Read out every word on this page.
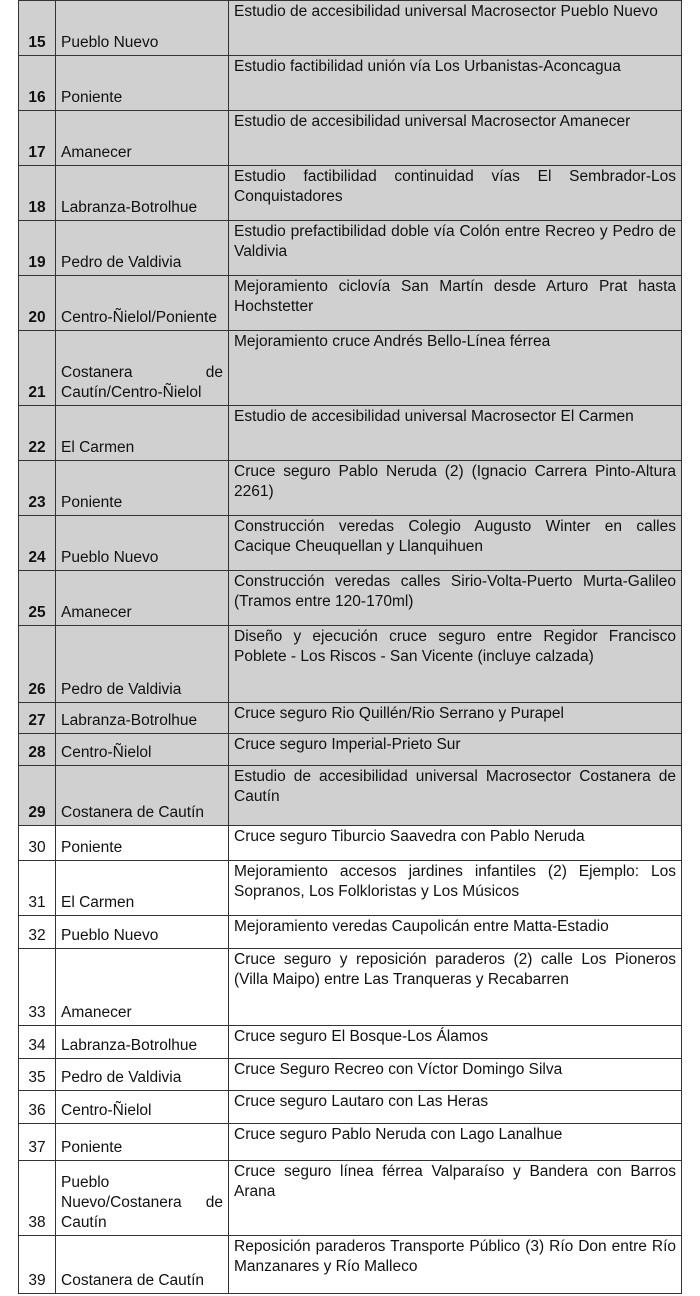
15	Pueblo Nuevo	Estudio de accesibilidad universal Macrosector Pueblo Nuevo
16	Poniente	Estudio factibilidad unión vía Los Urbanistas-Aconcagua
17	Amanecer	Estudio de accesibilidad universal Macrosector Amanecer
18	Labranza-Botrolhue	Estudio factibilidad continuidad vías El Sembrador-Los Conquistadores
19	Pedro de Valdivia	Estudio prefactibilidad doble vía Colón entre Recreo y Pedro de Valdivia
20	Centro-Ñielol/Poniente	Mejoramiento ciclovía San Martín desde Arturo Prat hasta Hochstetter
21	Costanera de Cautín/Centro-Ñielol	Mejoramiento cruce Andrés Bello-Línea férrea
22	El Carmen	Estudio de accesibilidad universal Macrosector El Carmen
23	Poniente	Cruce seguro Pablo Neruda (2) (Ignacio Carrera Pinto-Altura 2261)
24	Pueblo Nuevo	Construcción veredas Colegio Augusto Winter en calles Cacique Cheuquellan y Llanquihuen
25	Amanecer	Construcción veredas calles Sirio-Volta-Puerto Murta-Galileo (Tramos entre 120-170ml)
26	Pedro de Valdivia	Diseño y ejecución cruce seguro entre Regidor Francisco Poblete - Los Riscos - San Vicente (incluye calzada)
27	Labranza-Botrolhue	Cruce seguro Rio Quillén/Rio Serrano y Purapel
28	Centro-Ñielol	Cruce seguro Imperial-Prieto Sur
29	Costanera de Cautín	Estudio de accesibilidad universal Macrosector Costanera de Cautín
30	Poniente	Cruce seguro Tiburcio Saavedra con Pablo Neruda
31	El Carmen	Mejoramiento accesos jardines infantiles (2) Ejemplo: Los Sopranos, Los Folkloristas y Los Músicos
32	Pueblo Nuevo	Mejoramiento veredas Caupolicán entre Matta-Estadio
33	Amanecer	Cruce seguro y reposición paraderos (2) calle Los Pioneros (Villa Maipo) entre Las Tranqueras y Recabarren
34	Labranza-Botrolhue	Cruce seguro El Bosque-Los Álamos
35	Pedro de Valdivia	Cruce Seguro Recreo con Víctor Domingo Silva
36	Centro-Ñielol	Cruce seguro Lautaro con Las Heras
37	Poniente	Cruce seguro Pablo Neruda con Lago Lanalhue
38	Pueblo Nuevo/Costanera de Cautín	Cruce seguro línea férrea Valparaíso y Bandera con Barros Arana
39	Costanera de Cautín	Reposición paraderos Transporte Público (3) Río Don entre Río Manzanares y Río Malleco
